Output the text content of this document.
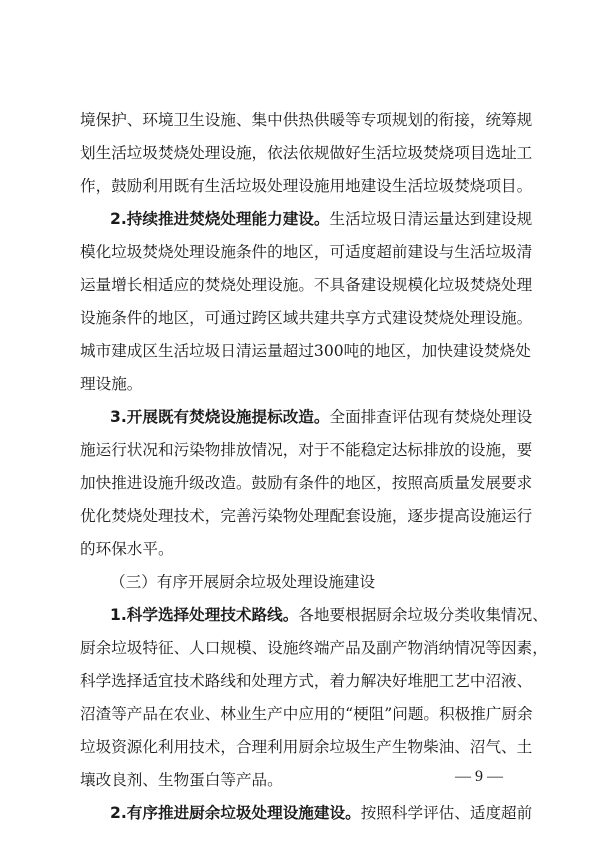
境保护、环境卫生设施、集中供热供暖等专项规划的衔接，统筹规
划生活垃圾焚烧处理设施，依法依规做好生活垃圾焚烧项目选址工
作，鼓励利用既有生活垃圾处理设施用地建设生活垃圾焚烧项目。
2.持续推进焚烧处理能力建设。生活垃圾日清运量达到建设规
模化垃圾焚烧处理设施条件的地区，可适度超前建设与生活垃圾清
运量增长相适应的焚烧处理设施。不具备建设规模化垃圾焚烧处理
设施条件的地区，可通过跨区域共建共享方式建设焚烧处理设施。
城市建成区生活垃圾日清运量超过300吨的地区，加快建设焚烧处
理设施。
3.开展既有焚烧设施提标改造。全面排查评估现有焚烧处理设
施运行状况和污染物排放情况，对于不能稳定达标排放的设施，要
加快推进设施升级改造。鼓励有条件的地区，按照高质量发展要求
优化焚烧处理技术，完善污染物处理配套设施，逐步提高设施运行
的环保水平。
（三）有序开展厨余垃圾处理设施建设
1.科学选择处理技术路线。各地要根据厨余垃圾分类收集情况、
厨余垃圾特征、人口规模、设施终端产品及副产物消纳情况等因素，
科学选择适宜技术路线和处理方式，着力解决好堆肥工艺中沼液、
沼渣等产品在农业、林业生产中应用的“梗阻”问题。积极推广厨余
垃圾资源化利用技术，合理利用厨余垃圾生产生物柴油、沼气、土
壤改良剂、生物蛋白等产品。
2.有序推进厨余垃圾处理设施建设。按照科学评估、适度超前
— 9 —
